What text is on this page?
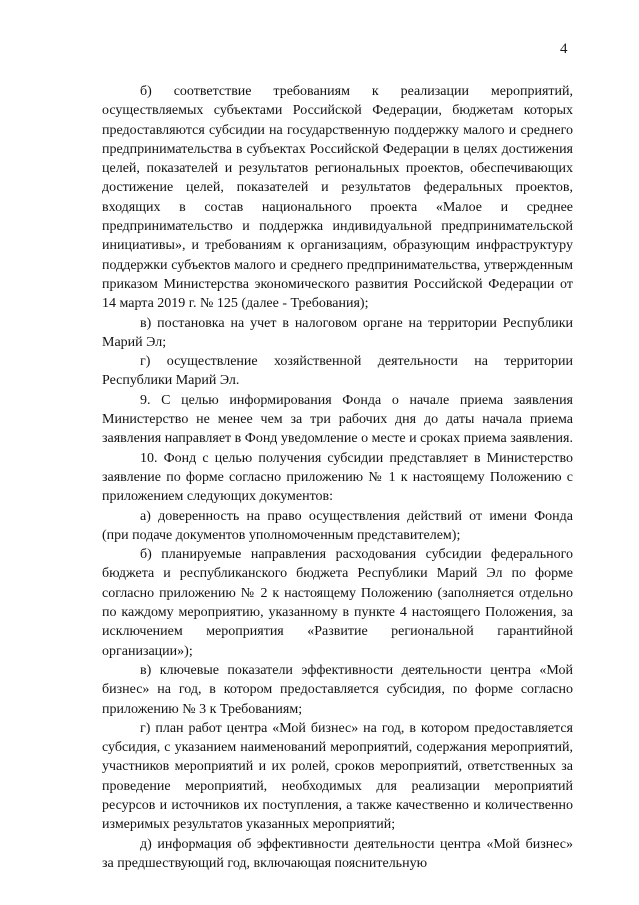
4

б) соответствие требованиям к реализации мероприятий, осуществляемых субъектами Российской Федерации, бюджетам которых предоставляются субсидии на государственную поддержку малого и среднего предпринимательства в субъектах Российской Федерации в целях достижения целей, показателей и результатов региональных проектов, обеспечивающих достижение целей, показателей и результатов федеральных проектов, входящих в состав национального проекта «Малое и среднее предпринимательство и поддержка индивидуальной предпринимательской инициативы», и требованиям к организациям, образующим инфраструктуру поддержки субъектов малого и среднего предпринимательства, утвержденным приказом Министерства экономического развития Российской Федерации от 14 марта 2019 г. № 125 (далее - Требования);

в) постановка на учет в налоговом органе на территории Республики Марий Эл;

г) осуществление хозяйственной деятельности на территории Республики Марий Эл.

9. С целью информирования Фонда о начале приема заявления Министерство не менее чем за три рабочих дня до даты начала приема заявления направляет в Фонд уведомление о месте и сроках приема заявления.

10. Фонд с целью получения субсидии представляет в Министерство заявление по форме согласно приложению № 1 к настоящему Положению с приложением следующих документов:

а) доверенность на право осуществления действий от имени Фонда (при подаче документов уполномоченным представителем);

б) планируемые направления расходования субсидии федерального бюджета и республиканского бюджета Республики Марий Эл по форме согласно приложению № 2 к настоящему Положению (заполняется отдельно по каждому мероприятию, указанному в пункте 4 настоящего Положения, за исключением мероприятия «Развитие региональной гарантийной организации»);

в) ключевые показатели эффективности деятельности центра «Мой бизнес» на год, в котором предоставляется субсидия, по форме согласно приложению № 3 к Требованиям;

г) план работ центра «Мой бизнес» на год, в котором предоставляется субсидия, с указанием наименований мероприятий, содержания мероприятий, участников мероприятий и их ролей, сроков мероприятий, ответственных за проведение мероприятий, необходимых для реализации мероприятий ресурсов и источников их поступления, а также качественно и количественно измеримых результатов указанных мероприятий;

д) информация об эффективности деятельности центра «Мой бизнес» за предшествующий год, включающая пояснительную
